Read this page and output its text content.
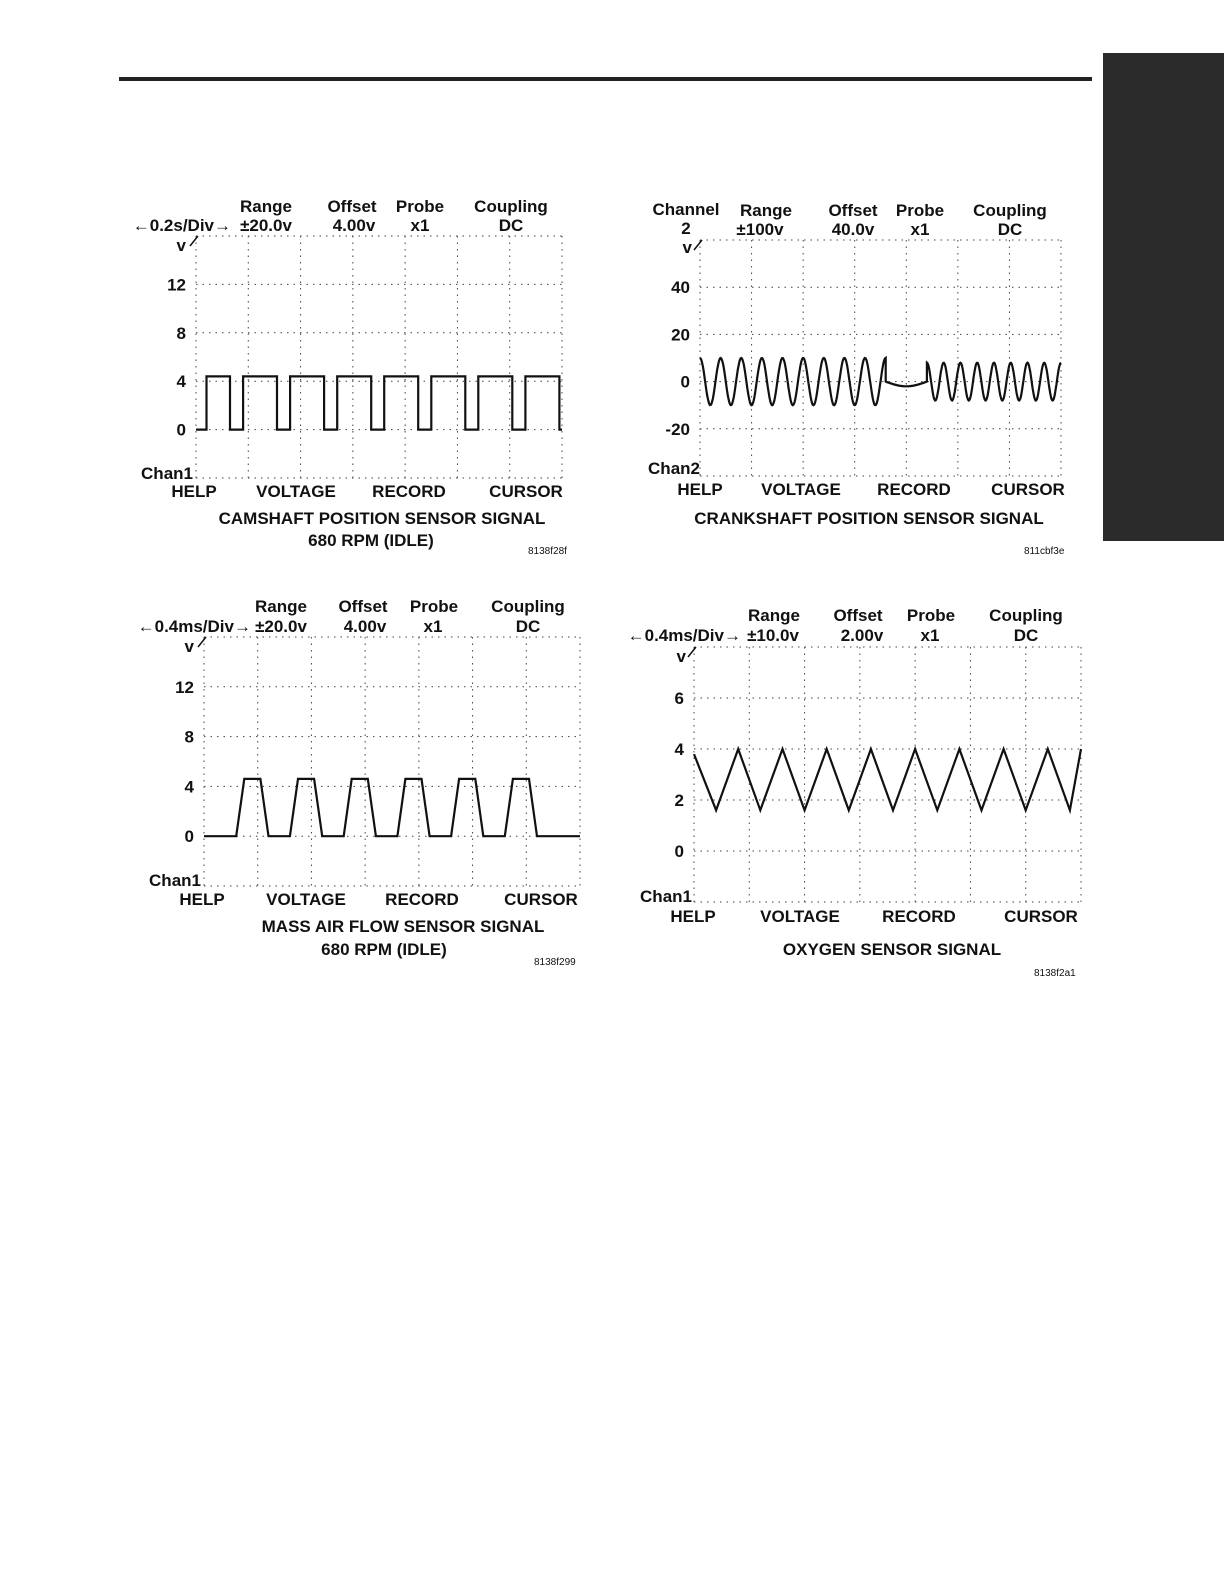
←0.2s/Div→
Range
±20.0v
Offset
4.00v
Probe
x1
Coupling
DC
v
Chan1
HELP VOLTAGE RECORD	CURSOR
CAMSHAFT POSITION SENSOR SIGNAL
680 RPM (IDLE)
8138f28f
Channel
2
Range
±100v
Offset
40.0v
Probe
x1
Coupling
DC
v
Chan2
HELP VOLTAGE RECORD CURSOR
CRANKSHAFT POSITION SENSOR SIGNAL
811cbf3e
←0.4ms/Div→
Range
±20.0v
Offset
4.00v
Probe
x1
Coupling
DC
v
Chan1
HELP VOLTAGE RECORD	CURSOR
MASS AIR FLOW SENSOR SIGNAL
680 RPM (IDLE)
8138f299
←0.4ms/Div→
Range
±10.0v
Offset
2.00v
Probe
x1
Coupling
DC
v
Chan1
HELP	VOLTAGE RECORD	CURSOR
OXYGEN SENSOR SIGNAL
8138f2a1
0
4
8
12
-20
0
20
40
0
4
8
12
0
2
4
6
